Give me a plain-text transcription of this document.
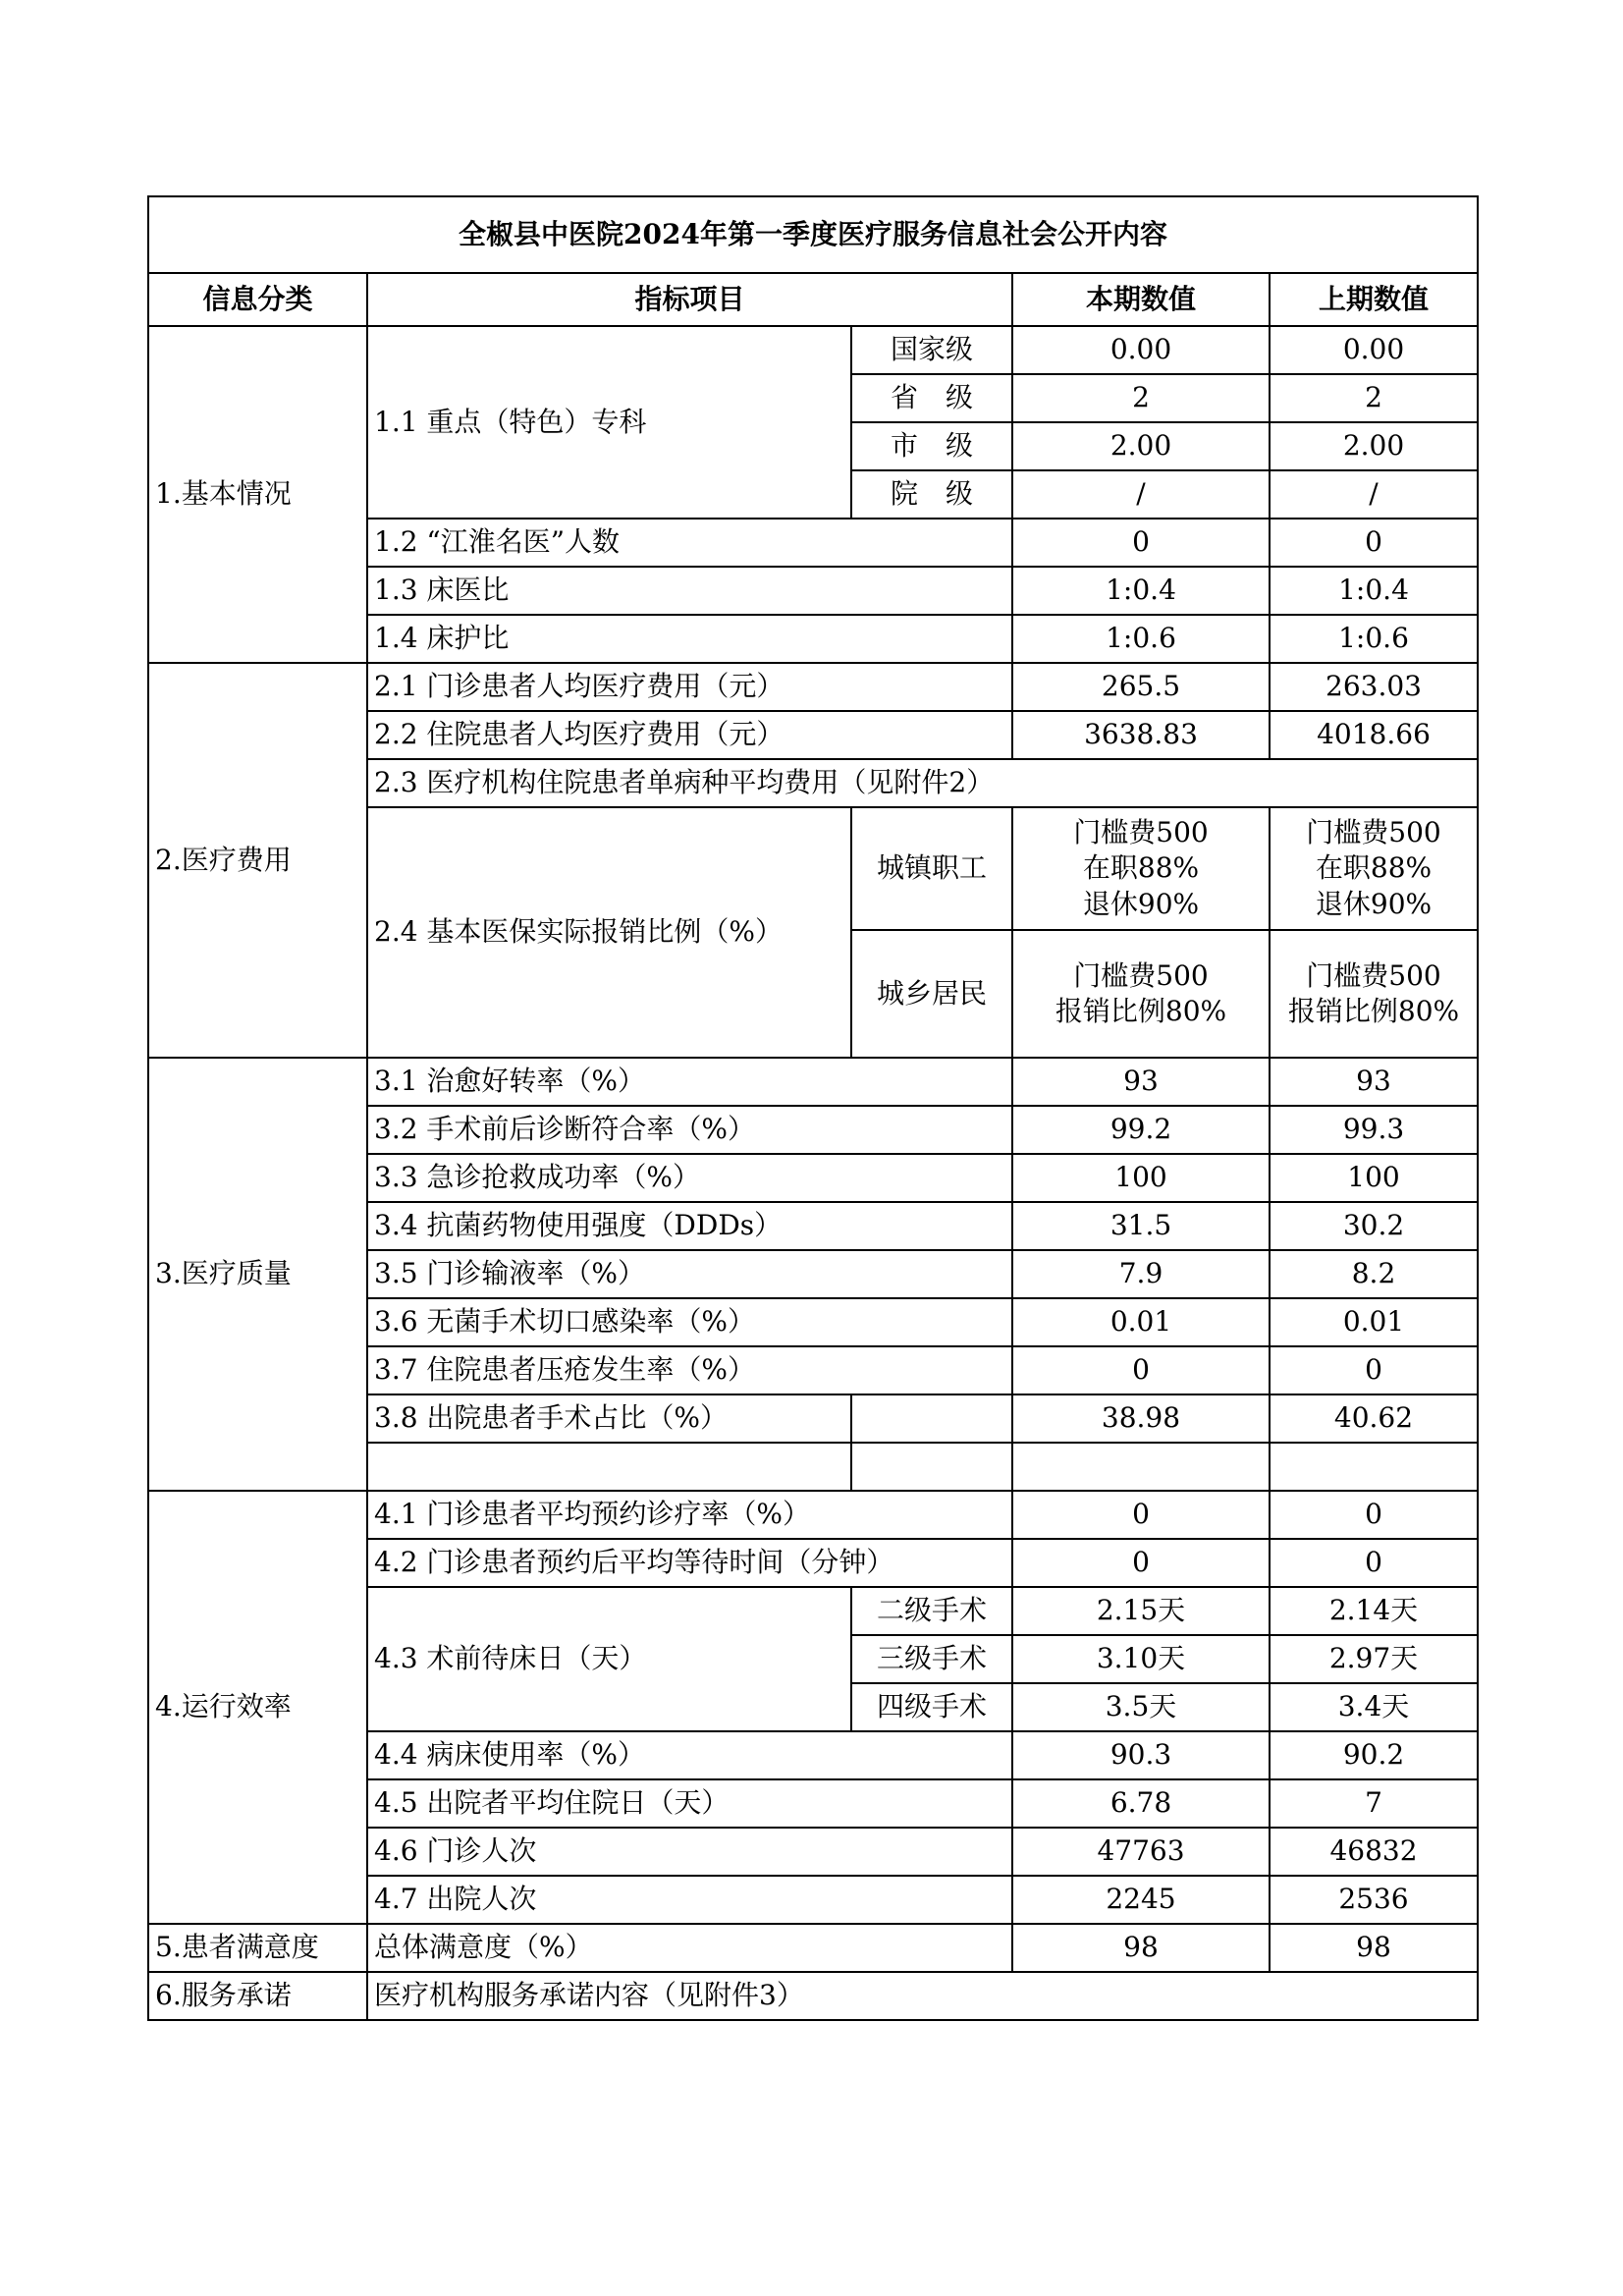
全椒县中医院2024年第一季度医疗服务信息社会公开内容				
信息分类	指标项目		本期数值	上期数值
1.基本情况	1.1 重点（特色）专科	国家级	0.00	0.00
		省　级	2	2
		市　级	2.00	2.00
		院　级	/	/
	1.2 “江淮名医”人数		0	0
	1.3 床医比		1:0.4	1:0.4
	1.4 床护比		1:0.6	1:0.6
2.医疗费用	2.1 门诊患者人均医疗费用（元）		265.5	263.03
	2.2 住院患者人均医疗费用（元）		3638.83	4018.66
	2.3 医疗机构住院患者单病种平均费用（见附件2）			
	2.4 基本医保实际报销比例（%）	城镇职工	门槛费500
在职88%
退休90%	门槛费500
在职88%
退休90%

		城乡居民	门槛费500
报销比例80%	门槛费500
报销比例80%

3.医疗质量	3.1 治愈好转率（%）		93	93
	3.2 手术前后诊断符合率（%）		99.2	99.3
	3.3 急诊抢救成功率（%）		100	100
	3.4 抗菌药物使用强度（DDDs）		31.5	30.2
	3.5 门诊输液率（%）		7.9	8.2
	3.6 无菌手术切口感染率（%）		0.01	0.01
	3.7 住院患者压疮发生率（%）		0	0
	3.8 出院患者手术占比（%）		38.98	40.62

4.运行效率	4.1 门诊患者平均预约诊疗率（%）		0	0
	4.2 门诊患者预约后平均等待时间（分钟）		0	0
	4.3 术前待床日（天）	二级手术	2.15天	2.14天
		三级手术	3.10天	2.97天
		四级手术	3.5天	3.4天
	4.4 病床使用率（%）		90.3	90.2
	4.5 出院者平均住院日（天）		6.78	7
	4.6 门诊人次		47763	46832
	4.7 出院人次		2245	2536
5.患者满意度	总体满意度（%）		98	98
6.服务承诺	医疗机构服务承诺内容（见附件3）			
